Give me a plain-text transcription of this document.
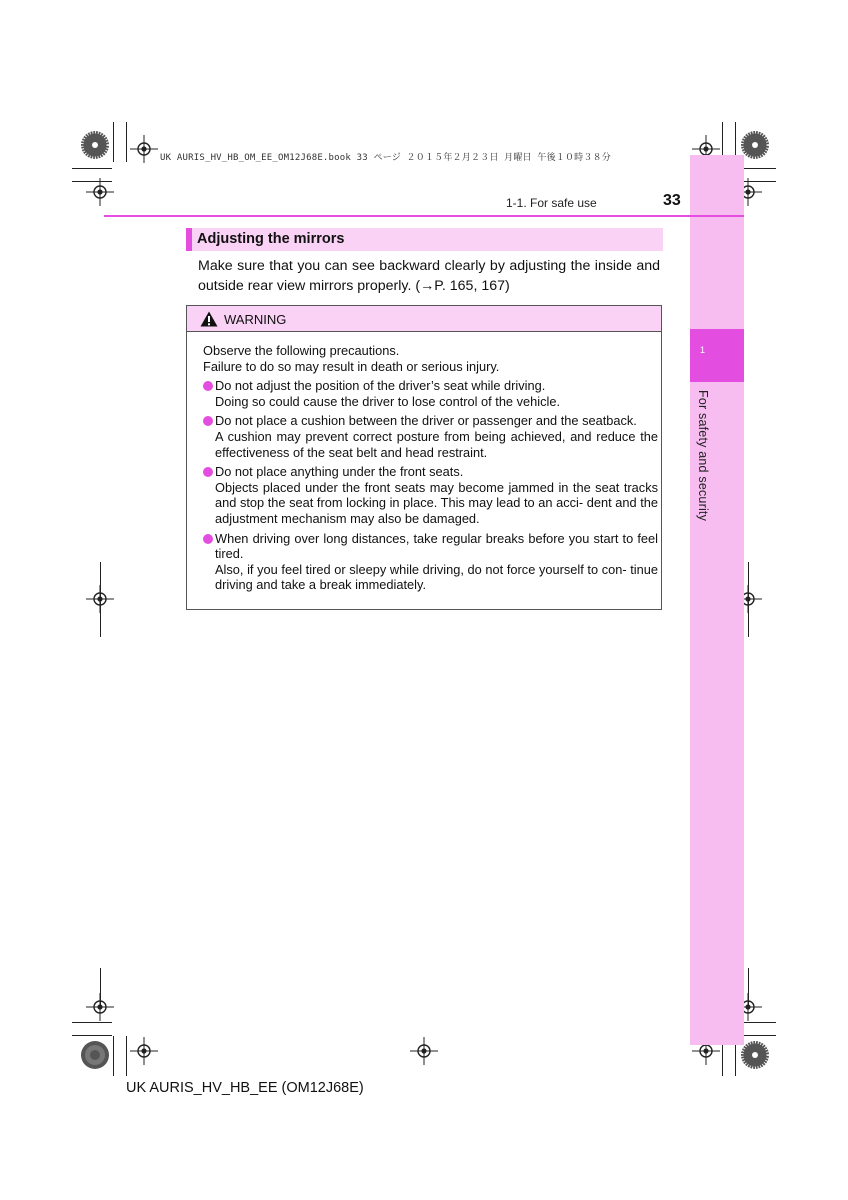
UK AURIS_HV_HB_OM_EE_OM12J68E.book 33 ページ ２０１５年２月２３日 月曜日 午後１０時３８分
1
For safety and security
1-1. For safe use	33
Adjusting the mirrors
Make sure that you can see backward clearly by adjusting the inside and outside rear view mirrors properly. (→P. 165, 167)
WARNING

Observe the following precautions.

Failure to do so may result in death or serious injury.

Do not adjust the position of the driver’s seat while driving.

Doing so could cause the driver to lose control of the vehicle.

Do not place a cushion between the driver or passenger and the seatback.

A cushion may prevent correct posture from being achieved, and reduce the effectiveness of the seat belt and head restraint.

Do not place anything under the front seats.

Objects placed under the front seats may become jammed in the seat tracks and stop the seat from locking in place. This may lead to an acci- dent and the adjustment mechanism may also be damaged.

When driving over long distances, take regular breaks before you start to feel tired.

Also, if you feel tired or sleepy while driving, do not force yourself to con- tinue driving and take a break immediately.

UK AURIS_HV_HB_EE (OM12J68E)
